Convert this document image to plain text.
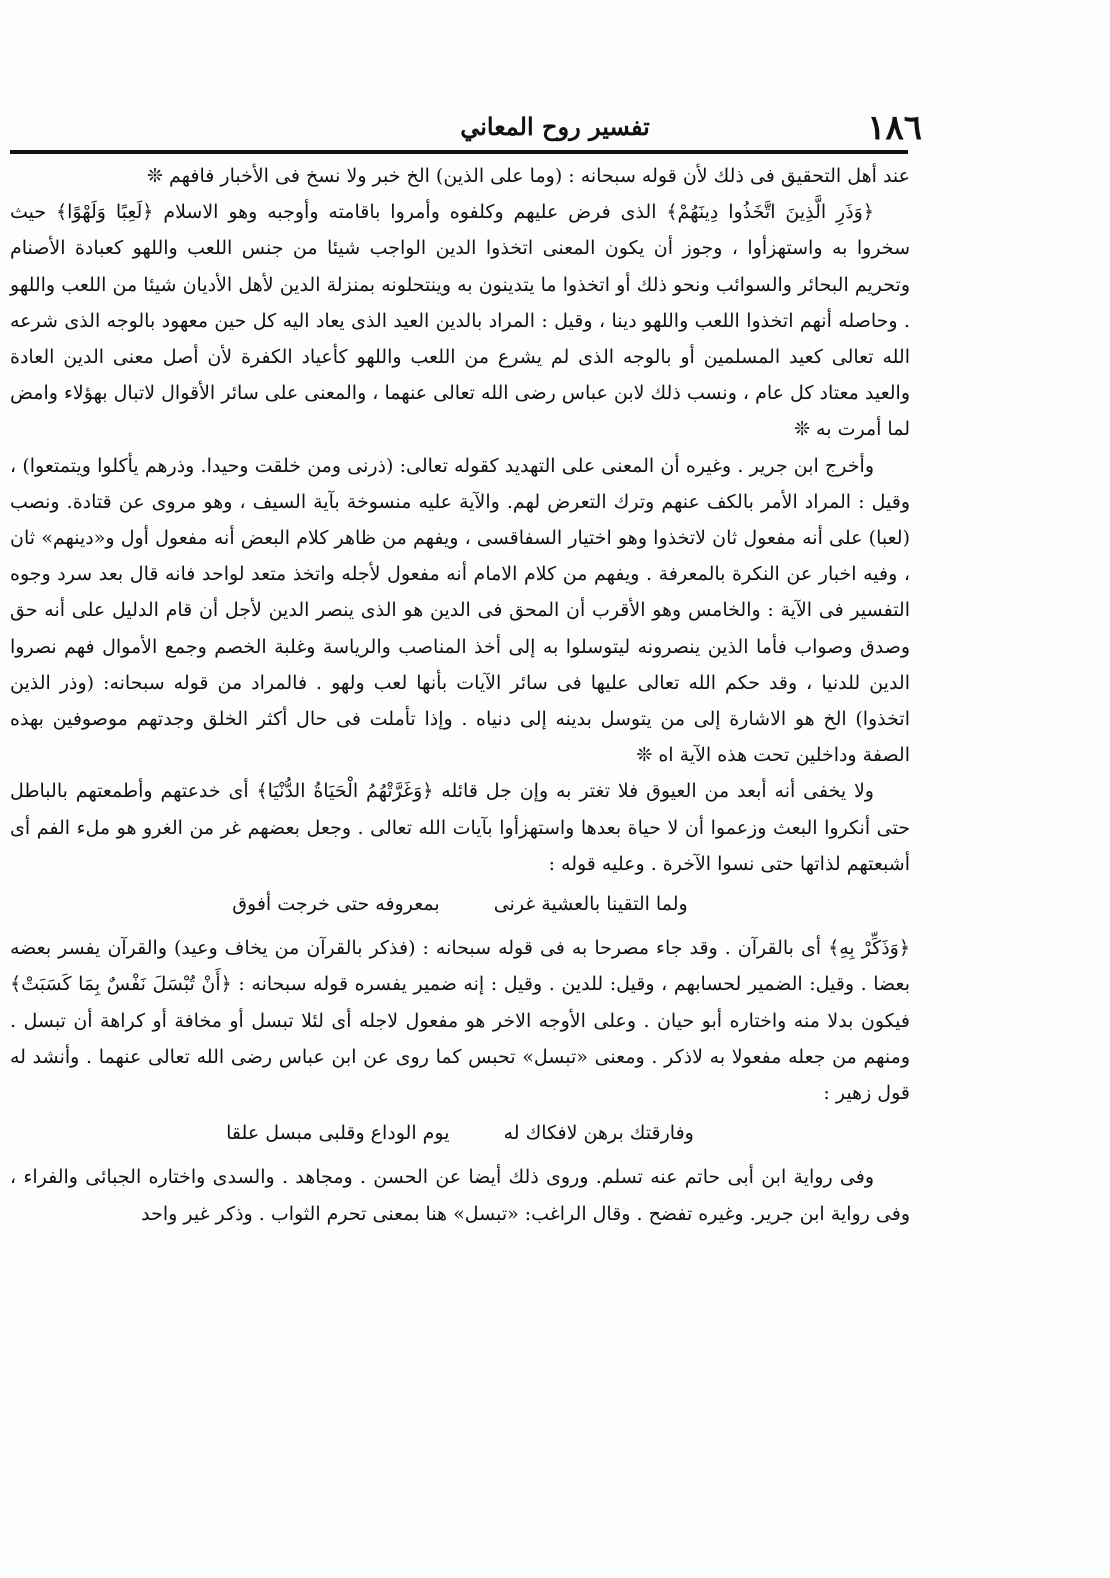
١٨٦
تفسير روح المعاني

عند أهل التحقيق فى ذلك لأن قوله سبحانه : (وما على الذين) الخ خبر ولا نسخ فى الأخبار فافهم ❊

﴿وَذَرِ الَّذِينَ اتَّخَذُوا دِينَهُمْ﴾ الذى فرض عليهم وكلفوه وأمروا باقامته وأوجبه وهو الاسلام ﴿لَعِبًا وَلَهْوًا﴾ حيث سخروا به واستهزأوا ، وجوز أن يكون المعنى اتخذوا الدين الواجب شيئا من جنس اللعب واللهو كعبادة الأصنام وتحريم البحائر والسوائب ونحو ذلك أو اتخذوا ما يتدينون به وينتحلونه بمنزلة الدين لأهل الأديان شيئا من اللعب واللهو . وحاصله أنهم اتخذوا اللعب واللهو دينا ، وقيل : المراد بالدين العيد الذى يعاد اليه كل حين معهود بالوجه الذى شرعه الله تعالى كعيد المسلمين أو بالوجه الذى لم يشرع من اللعب واللهو كأعياد الكفرة لأن أصل معنى الدين العادة والعيد معتاد كل عام ، ونسب ذلك لابن عباس رضى الله تعالى عنهما ، والمعنى على سائر الأقوال لاتبال بهؤلاء وامض لما أمرت به ❊

وأخرج ابن جرير . وغيره أن المعنى على التهديد كقوله تعالى: (ذرنى ومن خلقت وحيدا. وذرهم يأكلوا ويتمتعوا) ، وقيل : المراد الأمر بالكف عنهم وترك التعرض لهم. والآية عليه منسوخة بآية السيف ، وهو مروى عن قتادة. ونصب (لعبا) على أنه مفعول ثان لاتخذوا وهو اختيار السفاقسى ، ويفهم من ظاهر كلام البعض أنه مفعول أول و«دينهم» ثان ، وفيه اخبار عن النكرة بالمعرفة . ويفهم من كلام الامام أنه مفعول لأجله واتخذ متعد لواحد فانه قال بعد سرد وجوه التفسير فى الآية : والخامس وهو الأقرب أن المحق فى الدين هو الذى ينصر الدين لأجل أن قام الدليل على أنه حق وصدق وصواب فأما الذين ينصرونه ليتوسلوا به إلى أخذ المناصب والرياسة وغلبة الخصم وجمع الأموال فهم نصروا الدين للدنيا ، وقد حكم الله تعالى عليها فى سائر الآيات بأنها لعب ولهو . فالمراد من قوله سبحانه: (وذر الذين اتخذوا) الخ هو الاشارة إلى من يتوسل بدينه إلى دنياه . وإذا تأملت فى حال أكثر الخلق وجدتهم موصوفين بهذه الصفة وداخلين تحت هذه الآية اه ❊

ولا يخفى أنه أبعد من العيوق فلا تغتر به وإن جل قائله ﴿وَغَرَّتْهُمُ الْحَيَاةُ الدُّنْيَا﴾ أى خدعتهم وأطمعتهم بالباطل حتى أنكروا البعث وزعموا أن لا حياة بعدها واستهزأوا بآيات الله تعالى . وجعل بعضهم غر من الغرو هو ملء الفم أى أشبعتهم لذاتها حتى نسوا الآخرة . وعليه قوله :

ولما التقينا بالعشية غرنى بمعروفه حتى خرجت أفوق

﴿وَذَكِّرْ بِهِ﴾ أى بالقرآن . وقد جاء مصرحا به فى قوله سبحانه : (فذكر بالقرآن من يخاف وعيد) والقرآن يفسر بعضه بعضا . وقيل: الضمير لحسابهم ، وقيل: للدين . وقيل : إنه ضمير يفسره قوله سبحانه : ﴿أَنْ تُبْسَلَ نَفْسٌ بِمَا كَسَبَتْ﴾ فيكون بدلا منه واختاره أبو حيان . وعلى الأوجه الاخر هو مفعول لاجله أى لئلا تبسل أو مخافة أو كراهة أن تبسل . ومنهم من جعله مفعولا به لاذكر . ومعنى «تبسل» تحبس كما روى عن ابن عباس رضى الله تعالى عنهما . وأنشد له قول زهير :

وفارقتك برهن لافكاك له يوم الوداع وقلبى مبسل علقا

وفى رواية ابن أبى حاتم عنه تسلم. وروى ذلك أيضا عن الحسن . ومجاهد . والسدى واختاره الجبائى والفراء ، وفى رواية ابن جرير. وغيره تفضح . وقال الراغب: «تبسل» هنا بمعنى تحرم الثواب . وذكر غير واحد
